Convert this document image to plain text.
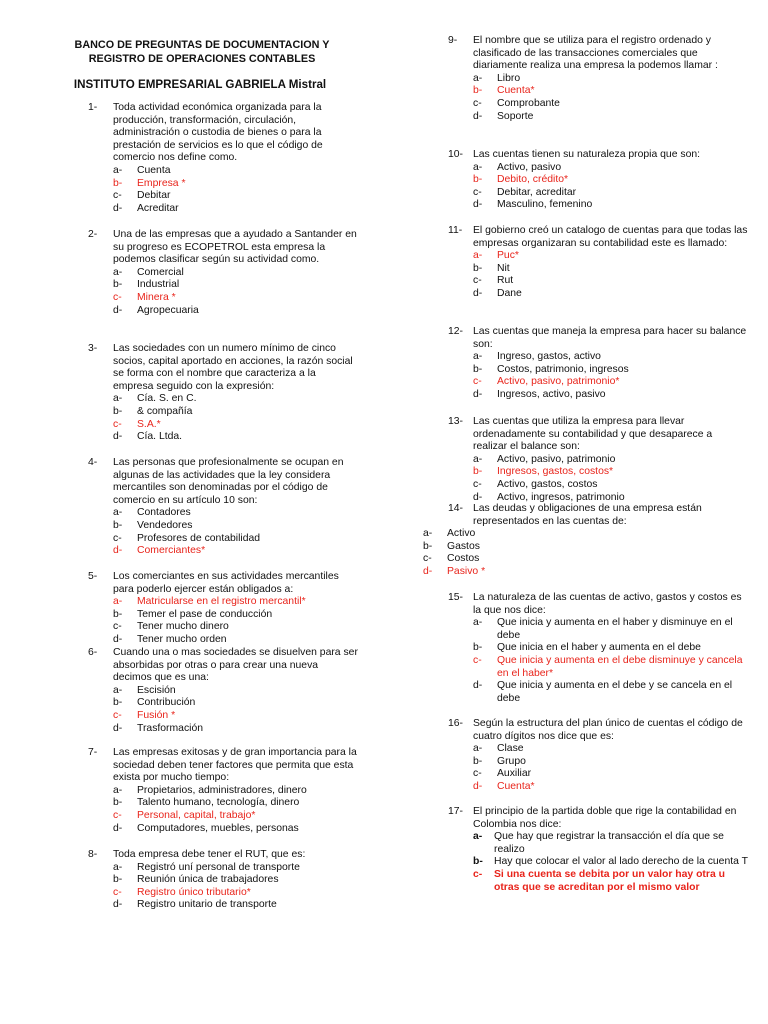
BANCO DE PREGUNTAS DE DOCUMENTACION Y
REGISTRO DE OPERACIONES CONTABLES
INSTITUTO EMPRESARIAL GABRIELA Mistral
1- Toda actividad económica organizada para la producción, transformación, circulación, administración o custodia de bienes o para la prestación de servicios es lo que el código de comercio nos define como.
a- Cuenta
b- Empresa *
c- Debitar
d- Acreditar
2- Una de las empresas que a ayudado a Santander en su progreso es ECOPETROL esta empresa la podemos clasificar según su actividad como.
a- Comercial
b- Industrial
c- Minera *
d- Agropecuaria
3- Las sociedades con un numero mínimo de cinco socios, capital aportado en acciones, la razón social se forma con el nombre que caracteriza a la empresa seguido con la expresión:
a- Cía. S. en C.
b- & compañía
c- S.A.*
d- Cía. Ltda.
4- Las personas que profesionalmente se ocupan en algunas de las actividades que la ley considera mercantiles son denominadas por el código de comercio en su artículo 10 son:
a- Contadores
b- Vendedores
c- Profesores de contabilidad
d- Comerciantes*
5- Los comerciantes en sus actividades mercantiles para poderlo ejercer están obligados a:
a- Matricularse en el registro mercantil*
b- Temer el pase de conducción
c- Tener mucho dinero
d- Tener mucho orden
6- Cuando una o mas sociedades se disuelven para ser absorbidas por otras o para crear una nueva decimos que es una:
a- Escisión
b- Contribución
c- Fusión *
d- Trasformación
7- Las empresas exitosas y de gran importancia para la sociedad deben tener factores que permita que esta exista por mucho tiempo:
a- Propietarios, administradores, dinero
b- Talento humano, tecnología, dinero
c- Personal, capital, trabajo*
d- Computadores, muebles, personas
8- Toda empresa debe tener el RUT, que es:
a- Registró uní personal de transporte
b- Reunión única de trabajadores
c- Registro único tributario*
d- Registro unitario de transporte
9- El nombre que se utiliza para el registro ordenado y clasificado de las transacciones comerciales que diariamente realiza una empresa la podemos llamar :
a- Libro
b- Cuenta*
c- Comprobante
d- Soporte
10- Las cuentas tienen su naturaleza propia que son:
a- Activo, pasivo
b- Debito, crédito*
c- Debitar, acreditar
d- Masculino, femenino
11- El gobierno creó un catalogo de cuentas para que todas las empresas organizaran su contabilidad este es llamado:
a- Puc*
b- Nit
c- Rut
d- Dane
12- Las cuentas que maneja la empresa para hacer su balance son:
a- Ingreso, gastos, activo
b- Costos, patrimonio, ingresos
c- Activo, pasivo, patrimonio*
d- Ingresos, activo, pasivo
13- Las cuentas que utiliza la empresa para llevar ordenadamente su contabilidad y que desaparece a realizar el balance son:
a- Activo, pasivo, patrimonio
b- Ingresos, gastos, costos*
c- Activo, gastos, costos
d- Activo, ingresos, patrimonio
14- Las deudas y obligaciones de una empresa están representados en las cuentas de:
a- Activo
b- Gastos
c- Costos
d- Pasivo *
15- La naturaleza de las cuentas de activo, gastos y costos es la que nos dice:
a- Que inicia y aumenta en el haber y disminuye en el debe
b- Que inicia en el haber y aumenta en el debe
c- Que inicia y aumenta en el debe disminuye y cancela en el haber*
d- Que inicia y aumenta en el debe y se cancela en el debe
16- Según la estructura del plan único de cuentas el código de cuatro dígitos nos dice que es:
a- Clase
b- Grupo
c- Auxiliar
d- Cuenta*
17- El principio de la partida doble que rige la contabilidad en Colombia nos dice:
a- Que hay que registrar la transacción el día que se realizo
b- Hay que colocar el valor al lado derecho de la cuenta T
c- Si una cuenta se debita por un valor hay otra u otras que se acreditan por el mismo valor
